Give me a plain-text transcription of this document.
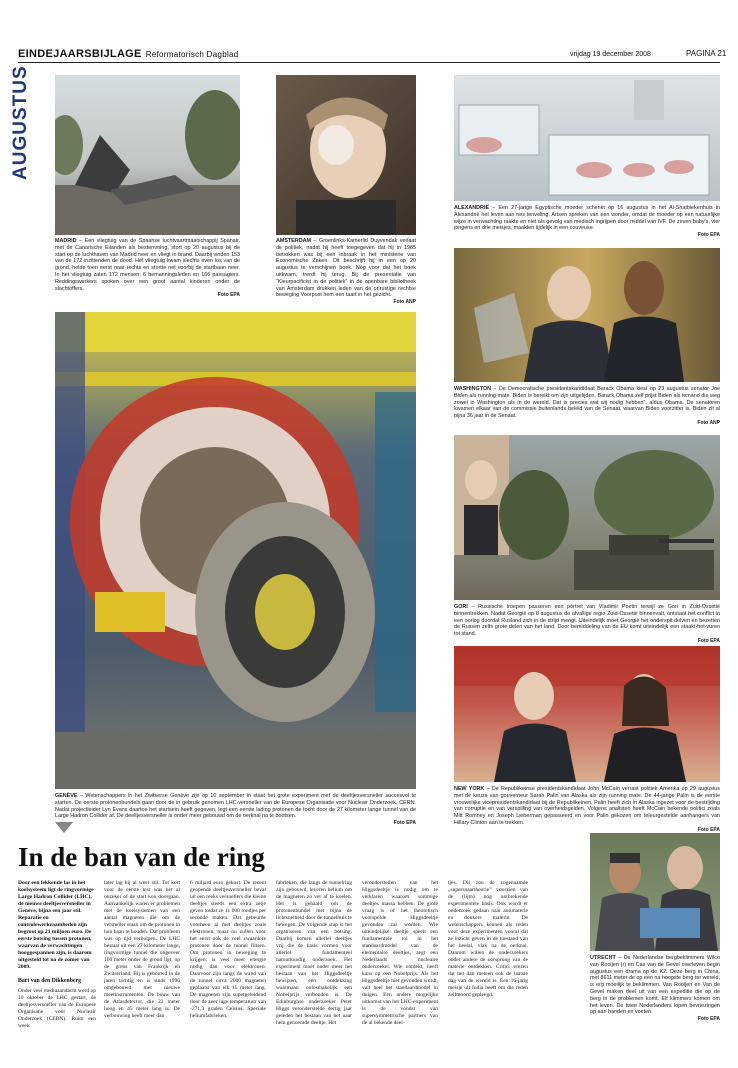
EINDEJAARSBIJLAGE Reformatorisch Dagblad	vrijdag 19 december 2008	PAGINA 21
AUGUSTUS
MADRID – Een vliegtuig van de Spaanse luchtvaartmaatschappij Spanair, met de Canarische Eilanden als bestemming, stort op 20 augustus bij de start op de luchthaven van Madrid neer en vliegt in brand. Daarbij vinden 153 van de 172 inzittenden de dood. Het vliegtuig kwam slechts even los van de grond, helde toen eerst naar rechts en stortte net voorbij de startbaan neer. In het vliegtuig zaten 172 mensen: 6 bemanningsleden en 166 passagiers. Reddingswerkers spoken over een groot aantal kinderen onder de slachtoffers.
Foto EPA
AMSTERDAM – Groenlinks-Kamerlid Duyvendak verlaat de politiek, nadat hij heeft toegegeven dat hij in 1985 betrokken was bij een inbraak in het ministerie van Economische Zaken. Dit beschrijft hij in een op 20 augustus te verschijnen boek. Nog voor dat het boek uitkwam, trerdt hij terug. Bij de presentatie van “Kleurpacificist in de politiek” in de openbare bibliotheek van Amsterdam drukken leden van de onrustige rechtse beweging Voorpost hem een taart in het gezicht.
Foto ANP
ALEXANDRIË – Een 27-jarige Egyptische moeder schenkt op 16 augustus in het Al-Shatbiekenhuis in Alexandrië het leven aan nes tenveling. Artsen spreken van een wonder, omdat de moeder op een natuurlijke wijze in verwachting raakte en niet als gevolg van medisch ingrijpen door middel van IVF. De zeven baby's, vier jongens en drie meisjes, maakten tijdelijk in een couveuse.
Foto EPA
WASHINGTON – De Democratische presidentskandidaat Barack Obama kiest op 23 augustus senator Joe Biden als running mate. Biden is bereikt om zijn uitgelijden. Barack Obama zelf prijst Biden als iemand die weg zowel in Washington als in de wereld. Dat is precies wat wij nodig hebben”, aldus Obama. De senatoren kwamen elkaar van de commissie buitenlands beleid van de Senaat, waarvan Biden voorzitter is. Biden zit al bijna 36 jaar in de Senaat.
Foto ANP
GORI – Russische troepen passeren een portret van Vladimir Poetin terwijl ze Gori in Zuid-Ossetië binnentrekken. Nadat Georgië op 8 augustus de afvallige regio Zuid-Ossetië binnenvalt, ontstaat het conflict in een oorlog doordat Rusland zich in de strijd mengt. Uiteindelijk moet Georgië het onderspit delven en bezetten de Russen zelfs grote delen van het land. Door bemiddeling van de EU komt uiteindelijk een staakt-het-vuren tot stand.
Foto EPA
NEW YORK – De Republikeinse presidentskandidaat John McCain verrast politiek Amerika op 29 augustus met de keuze van gouverneur Sarah Palin van Alaska als zijn running mate. De 44-jarige Palin is de eerste vrouwelijke vicepresidentskandidaat bij de Republikeinen. Palin heeft zich in Alaska ingezet voor de bestrijding van corruptie en van verspilling van overheidsgelden. Volgens analisten heeft McCain bekende politici zoals Mitt Romney en Joseph Lieberman gepasseerd en voor Palin gekozen om teleurgestelde aanhangers van Hillary Clinton aan te trekken.
Foto EPA
GENÈVE – Wetenschappers in het Zwitserse Genève zijn op 10 september in staat het grote experiment met de deeltjesversneller succesvol te starten. De eerste protonenbundels gaan door de in gebruik genomen LHC-versneller van de Europese Organisatie voor Nucleair Onderzoek, CERN. Nadat projectleider Lyn Evans daartoe het startsein heeft gegeven, legt een eerste lading protonen de tocht door de 27 kilometer lange tunnel van de Large Hadron Collider af. De deeltjesversneller is onder meer gebouwd om de oerknal na te bootsen.
Foto EPA
In de ban van de ring
Door een lekkende las in het koelsysteem ligt de ringvormige Large Hadron Collider (LHC), de nieuwe deeltjesversneller in Genève, bijna een jaar stil. Reparatie en controlewerkzaamheden zijn begroot op 21 miljoen euro. De eerste botsing tussen protonen, waarvan de verwachtingen hooggespannen zijn, is daarom uitgesteld tot na de zomer van 2009.
Bart van den Dikkenberg
Onder veel mediaaandacht werd op 10 oktober de LHC gestart, de deeltjesversneller van de Europese Organisatie voor Nucleair Onderzoek (CERN). Ruim een week
later lag hij al weer stil. Tot kort voor de eerste test was het al onzeker of de start kon doorgaan. Aanvankelijk waren er problemen met de koelsystemen van een aantal magneten die om de versneller staan om de protonen in hun baan te houden. Dat probleem was op tijd verholpen. De LHC bestaat uit een 27 kilometer lange, ringvormige tunnel die ongeveer 100 meter onder de grond ligt, op de grens van Frankrijk en Zwitserland. Bij is gebouwd in de jaren tachtig en is sinds 1996 omgebouwd met nieuwe meetinstrumenten. De bouw van de Atlasdetector, die 22 meter hoog en 45 meter lang is. De verbouwing heeft meer dan
6 miljard euro gekost. De recent geopende deeltjesversneller bevat uit een reeks versnellers die kleine deeltjes steeds een extra zetje geven totdat ze 11 000 rondjes per seconde maken. Dat gebeurde voorheen al met deeltjes zoals elektronen, maar nu zullen voor het eerst ook de veel zwaardere protonen door de tunnel flitsen. Om protonen in beweging te krijgen, is veel meer energie nodig dan voor elektronen. Daarvoor zijn langs de wand van de tunnel circa 2000 magneten geplaatst van elk 15 meter lang. De magneten zijn supergeleidend door de zeer lage temperatuur van -271,3 graden Celsius. Speciale heliumfabrieken,
fabrieken, die langs de tunnelring zijn gebouwd, leveren helium om de magneten zo ver af te koelen. Het is gehaald om de protonenbundel met bijna de lichtsnelheid door de tunnelbuis te bewegen. De volgende stap is het organiseren van een botsing. Daarbij komen allerlei deeltjes vrij die de basis vormen voor allerlei fundamenteel natuurkundig onderzoek. Het experiment moet onder meer het bestaan van het Higgsdeeltje bewijzen, een ontdekking waarmaan onlosmakelijk een Nobelprijs verbonden is. De Edinburghse onderzoeker Peter Higgs veronderstelde dertig jaar geleden het bestaan van het naar hem genoemde deeltje. Het
veronderstellen van het Higgsdeeltje is nodig om te verklaren waarom sommige deeltjes massa hebben. De grote vraag is of het theoretisch voorspelde Higgsdeeltje gevonden zal worden. Wie uiteindelijke deeltje speelt een fundamentele rol in het standaardmodel van de elementaire deeltjes, zegt een Nederlands nucleaire onderzoeker. Wie ontdekt, heeft kans op een Nobelprijs. Als het Higgsdeeltje niet gevonden wordt, valt heel het standaardmodel in duigen. Een andere mogelijke uitkomst van het LHC-experiment is de vondst van supersymmetrische partners van de al bekende deel-
tjes. Dit zou de zogenaamde „supersnaartheorie” voorzien van de (lijm) nog ontbrekende experimentele basis. Ook wordt er onderzoek gedaan naar antimaterie en donkere materie. De wetenschappers kennen als reden voor deze experimenten vooral dat ze inzicht geven in de toestand van het heelal, vlak na de oerknal. Daarom willen de onderzoekers onder andere de oorsprong van de materie ontdekken. Critici vrezen dat het dan meteen ook de laatste dag van de wereld is. Een 16-jarig meisje uit India heeft om die reden zelfmoord gepleegd.
UTRECHT – De Nederlandse bergbeklimmers Wilco van Rooijen (r) en Cas van de Gevel overleven begin augustus een drama op de K2. Deze berg in China, met 8611 meter de op een na hoogste berg ter wereld, is erg moeilijk te beklimmen. Van Rooijen en Van de Gevel maken deel uit van een expeditie die op de berg in de problemen komt. Elf klimmers komen om het leven. De twee Nederlanders lopen bevriezingen op aan handen en voeten.
Foto EPA
